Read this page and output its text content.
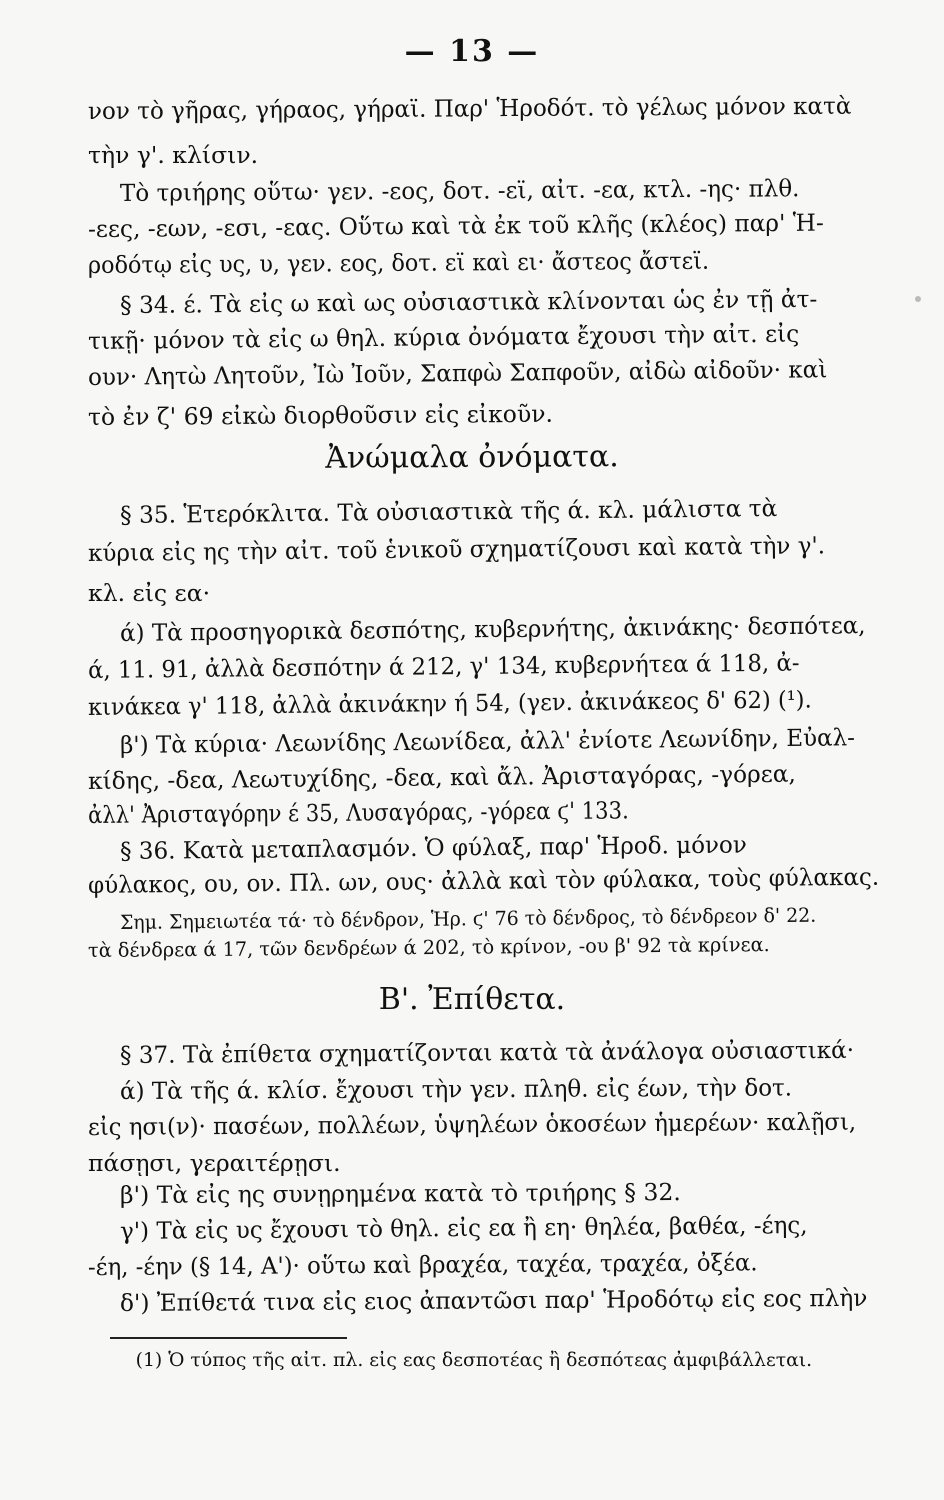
— 13 —
νον τὸ γῆρας, γήραος, γήραϊ. Παρ' Ἡροδότ. τὸ γέλως μόνον κατὰ
τὴν γ'. κλίσιν.
Τὸ τριήρης οὕτω· γεν. -εος, δοτ. -εϊ, αἰτ. -εα, κτλ. -ης· πλθ.
-εες, -εων, -εσι, -εας. Οὕτω καὶ τὰ ἐκ τοῦ κλῆς (κλέος) παρ' Ἡ-
ροδότῳ εἰς υς, υ, γεν. εος, δοτ. εϊ καὶ ει· ἄστεος ἄστεϊ.
§ 34. έ. Τὰ εἰς ω καὶ ως οὐσιαστικὰ κλίνονται ὡς ἐν τῇ ἀτ-
τικῇ· μόνον τὰ εἰς ω θηλ. κύρια ὀνόματα ἔχουσι τὴν αἰτ. εἰς
ουν· Λητὼ Λητοῦν, Ἰὼ Ἰοῦν, Σαπφὼ Σαπφοῦν, αἰδὼ αἰδοῦν· καὶ
τὸ ἐν ζ' 69 εἰκὼ διορθοῦσιν εἰς εἰκοῦν.
Ἀνώμαλα ὀνόματα.
§ 35. Ἑτερόκλιτα. Τὰ οὐσιαστικὰ τῆς ά. κλ. μάλιστα τὰ
κύρια εἰς ης τὴν αἰτ. τοῦ ἑνικοῦ σχηματίζουσι καὶ κατὰ τὴν γ'.
κλ. εἰς εα·
ά) Τὰ προσηγορικὰ δεσπότης, κυβερνήτης, ἀκινάκης· δεσπότεα,
ά, 11. 91, ἀλλὰ δεσπότην ά 212, γ' 134, κυβερνήτεα ά 118, ἀ-
κινάκεα γ' 118, ἀλλὰ ἀκινάκην ή 54, (γεν. ἀκινάκεος δ' 62) (¹).
β') Τὰ κύρια· Λεωνίδης Λεωνίδεα, ἀλλ' ἐνίοτε Λεωνίδην, Εὐαλ-
κίδης, -δεα, Λεωτυχίδης, -δεα, καὶ ἄλ. Ἀρισταγόρας, -γόρεα,
ἀλλ' Ἀρισταγόρην έ 35, Λυσαγόρας, -γόρεα ϛ' 133.
§ 36. Κατὰ μεταπλασμόν. Ὁ φύλαξ, παρ' Ἡροδ. μόνον
φύλακος, ου, ον. Πλ. ων, ους· ἀλλὰ καὶ τὸν φύλακα, τοὺς φύλακας.
Σημ. Σημειωτέα τά· τὸ δένδρον, Ἡρ. ϛ' 76 τὸ δένδρος, τὸ δένδρεον δ' 22.
τὰ δένδρεα ά 17, τῶν δενδρέων ά 202, τὸ κρίνον, -ου β' 92 τὰ κρίνεα.
Β'. Ἐπίθετα.
§ 37. Τὰ ἐπίθετα σχηματίζονται κατὰ τὰ ἀνάλογα οὐσιαστικά·
ά) Τὰ τῆς ά. κλίσ. ἔχουσι τὴν γεν. πληθ. εἰς έων, τὴν δοτ.
εἰς ησι(ν)· πασέων, πολλέων, ὑψηλέων ὁκοσέων ἡμερέων· καλῇσι,
πάσῃσι, γεραιτέρῃσι.
β') Τὰ εἰς ης συνῃρημένα κατὰ τὸ τριήρης § 32.
γ') Τὰ εἰς υς ἔχουσι τὸ θηλ. εἰς εα ἢ εη· θηλέα, βαθέα, -έης,
-έη, -έην (§ 14, Α')· οὕτω καὶ βραχέα, ταχέα, τραχέα, ὀξέα.
δ') Ἐπίθετά τινα εἰς ειος ἀπαντῶσι παρ' Ἡροδότῳ εἰς εος πλὴν
(1) Ὁ τύπος τῆς αἰτ. πλ. εἰς εας δεσποτέας ἢ δεσπότεας ἀμφιβάλλεται.
